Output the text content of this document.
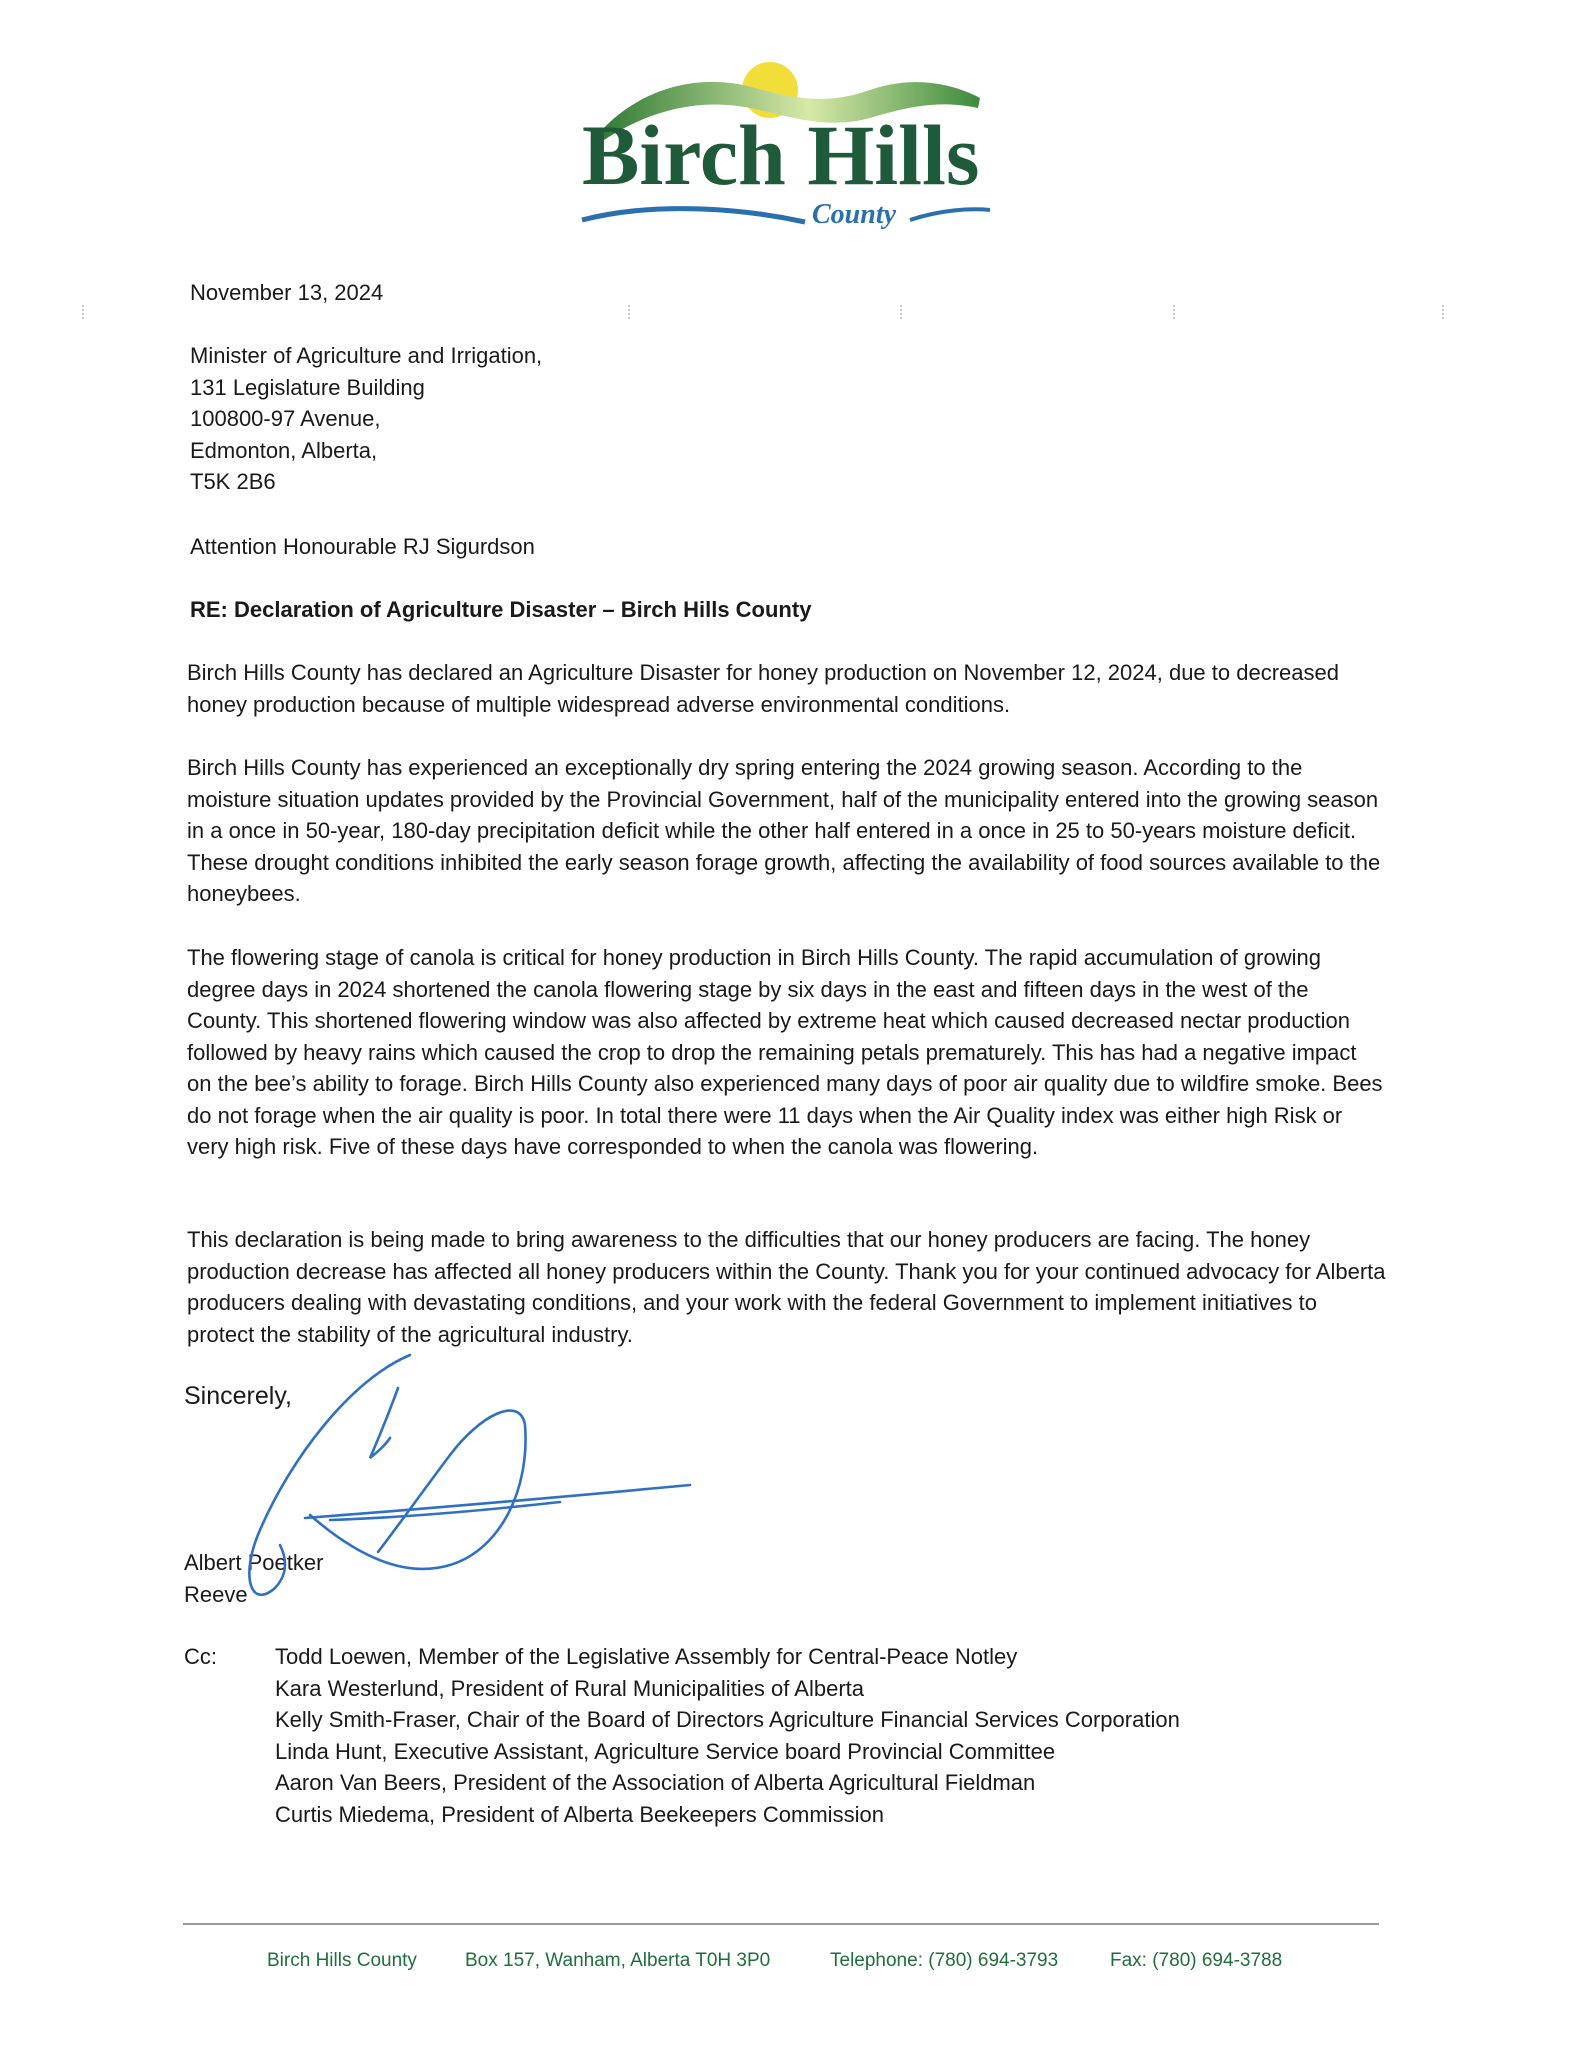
Birch Hills
County
November 13, 2024
Minister of Agriculture and Irrigation,
131 Legislature Building
100800-97 Avenue,
Edmonton, Alberta,
T5K 2B6
Attention Honourable RJ Sigurdson
RE: Declaration of Agriculture Disaster – Birch Hills County
Birch Hills County has declared an Agriculture Disaster for honey production on November 12, 2024, due to decreased honey production because of multiple widespread adverse environmental conditions.
Birch Hills County has experienced an exceptionally dry spring entering the 2024 growing season. According to the moisture situation updates provided by the Provincial Government, half of the municipality entered into the growing season in a once in 50-year, 180-day precipitation deficit while the other half entered in a once in 25 to 50-years moisture deficit. These drought conditions inhibited the early season forage growth, affecting the availability of food sources available to the honeybees.
The flowering stage of canola is critical for honey production in Birch Hills County. The rapid accumulation of growing degree days in 2024 shortened the canola flowering stage by six days in the east and fifteen days in the west of the County. This shortened flowering window was also affected by extreme heat which caused decreased nectar production followed by heavy rains which caused the crop to drop the remaining petals prematurely. This has had a negative impact on the bee’s ability to forage. Birch Hills County also experienced many days of poor air quality due to wildfire smoke. Bees do not forage when the air quality is poor. In total there were 11 days when the Air Quality index was either high Risk or very high risk. Five of these days have corresponded to when the canola was flowering.
This declaration is being made to bring awareness to the difficulties that our honey producers are facing. The honey production decrease has affected all honey producers within the County. Thank you for your continued advocacy for Alberta producers dealing with devastating conditions, and your work with the federal Government to implement initiatives to protect the stability of the agricultural industry.
Sincerely,
Albert Poetker
Reeve
Cc:	Todd Loewen, Member of the Legislative Assembly for Central-Peace Notley
Kara Westerlund, President of Rural Municipalities of Alberta
Kelly Smith-Fraser, Chair of the Board of Directors Agriculture Financial Services Corporation
Linda Hunt, Executive Assistant, Agriculture Service board Provincial Committee
Aaron Van Beers, President of the Association of Alberta Agricultural Fieldman
Curtis Miedema, President of Alberta Beekeepers Commission
Birch Hills County	Box 157, Wanham, Alberta T0H 3P0	Telephone: (780) 694-3793	Fax: (780) 694-3788
